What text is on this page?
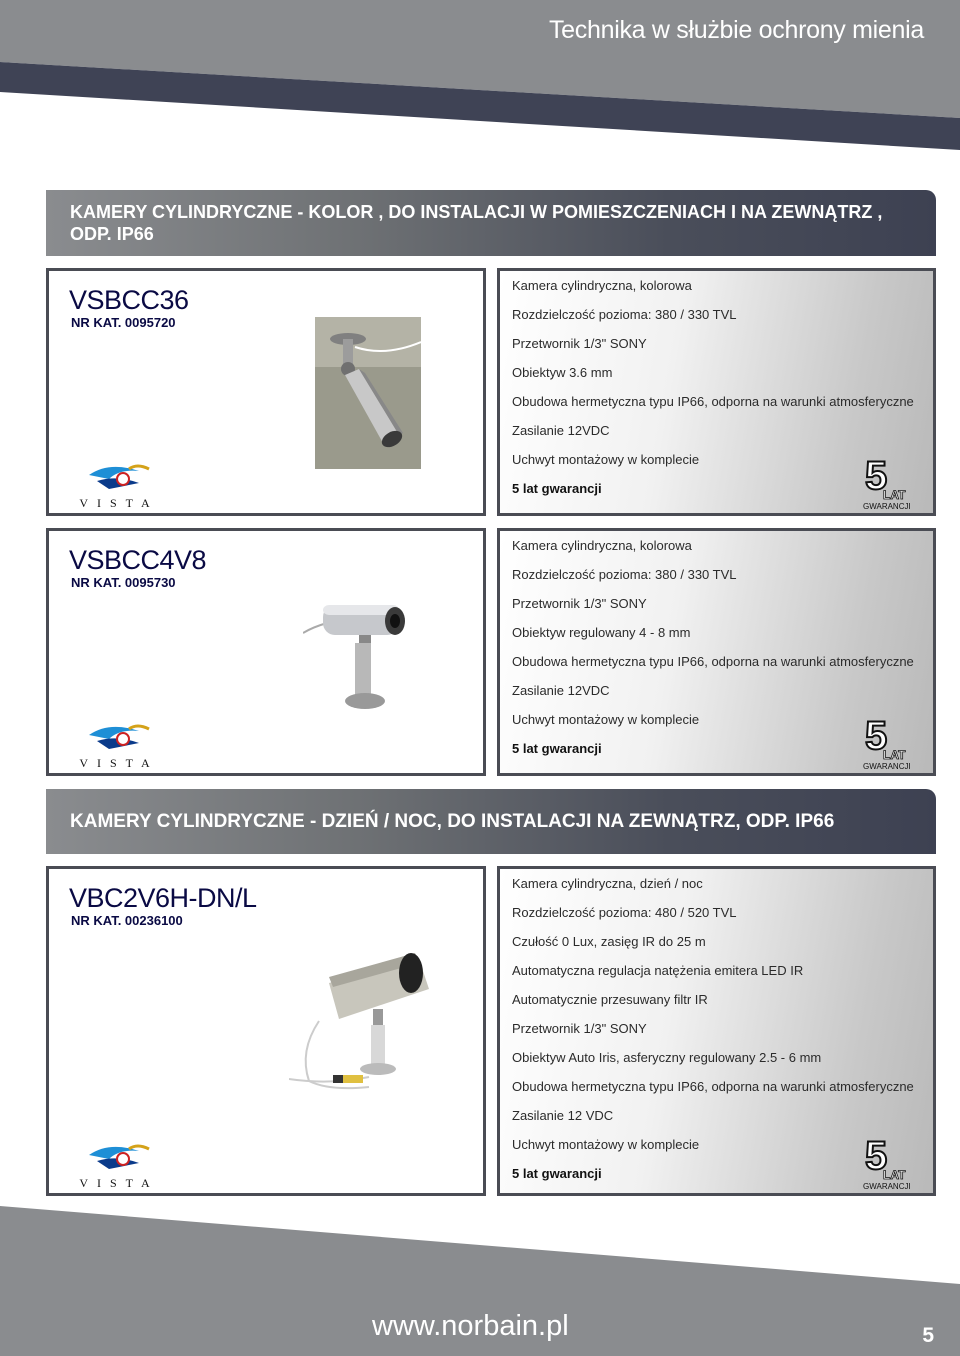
Technika w służbie ochrony mienia
KAMERY CYLINDRYCZNE - KOLOR , DO INSTALACJI W POMIESZCZENIACH I NA ZEWNĄTRZ , ODP. IP66
VSBCC36
NR KAT. 0095720
VISTA
Kamera cylindryczna, kolorowa
Rozdzielczość pozioma: 380 / 330 TVL
Przetwornik 1/3" SONY
Obiektyw 3.6 mm
Obudowa hermetyczna typu IP66, odporna na warunki atmosferyczne
Zasilanie 12VDC
Uchwyt montażowy w komplecie
5 lat gwarancji	5
LAT
GWARANCJI
VSBCC4V8
NR KAT. 0095730
VISTA
Kamera cylindryczna, kolorowa
Rozdzielczość pozioma: 380 / 330 TVL
Przetwornik 1/3" SONY
Obiektyw regulowany 4 - 8 mm
Obudowa hermetyczna typu IP66, odporna na warunki atmosferyczne
Zasilanie 12VDC
Uchwyt montażowy w komplecie
5 lat gwarancji	5
LAT
GWARANCJI
KAMERY CYLINDRYCZNE - DZIEŃ / NOC, DO INSTALACJI NA ZEWNĄTRZ, ODP. IP66
VBC2V6H-DN/L
NR KAT. 00236100
VISTA
Kamera cylindryczna, dzień / noc
Rozdzielczość pozioma: 480 / 520 TVL
Czułość 0 Lux, zasięg IR do 25 m
Automatyczna regulacja natężenia emitera LED IR
Automatycznie przesuwany filtr IR
Przetwornik 1/3" SONY
Obiektyw Auto Iris, asferyczny regulowany 2.5 - 6 mm
Obudowa hermetyczna typu IP66, odporna na warunki atmosferyczne
Zasilanie 12 VDC
Uchwyt montażowy w komplecie
5 lat gwarancji	5
LAT
GWARANCJI
www.norbain.pl	5
